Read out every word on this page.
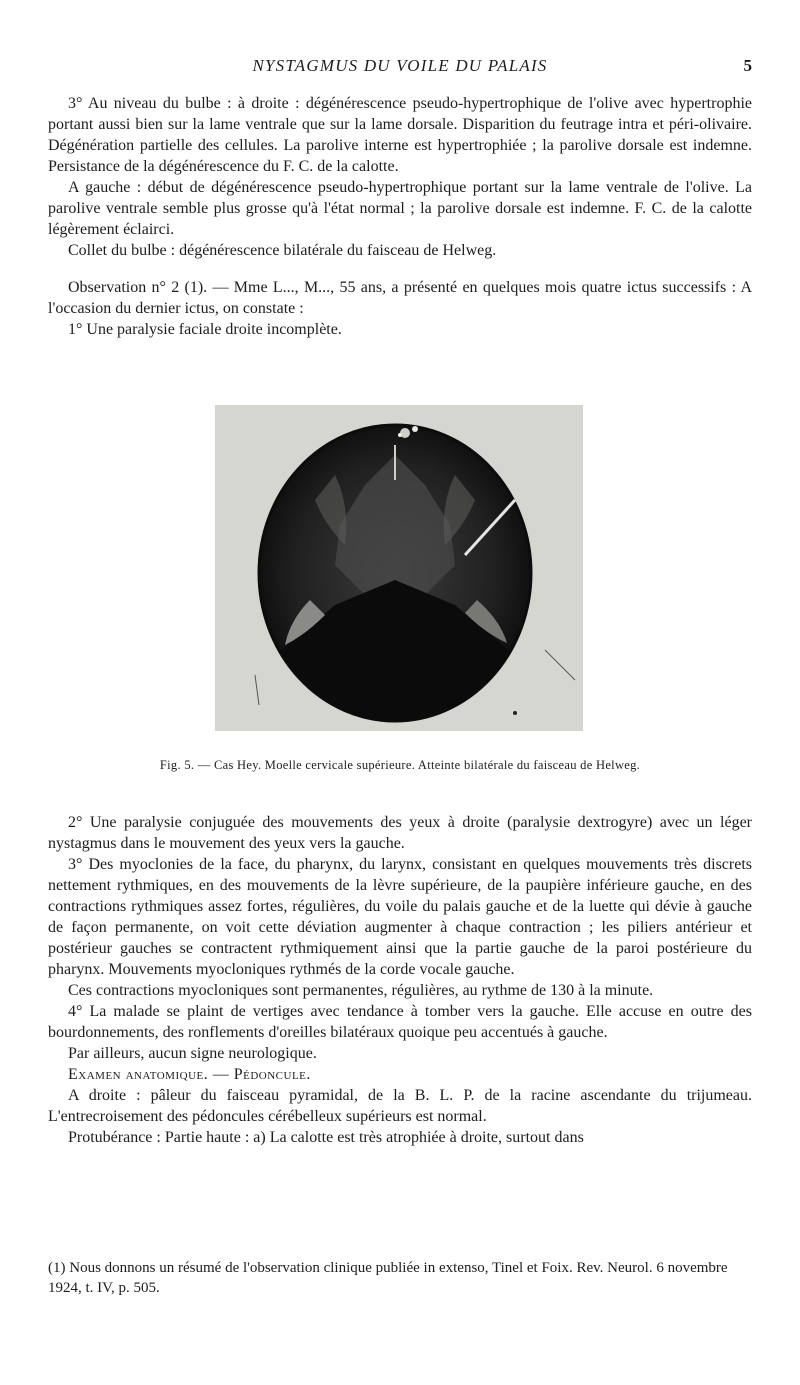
NYSTAGMUS DU VOILE DU PALAIS	5

3° Au niveau du bulbe : à droite : dégénérescence pseudo-hypertrophique de l'olive avec hypertrophie portant aussi bien sur la lame ventrale que sur la lame dorsale. Disparition du feutrage intra et péri-olivaire. Dégénération partielle des cellules. La parolive interne est hypertrophiée ; la parolive dorsale est indemne. Persistance de la dégénérescence du F. C. de la calotte.

A gauche : début de dégénérescence pseudo-hypertrophique portant sur la lame ventrale de l'olive. La parolive ventrale semble plus grosse qu'à l'état normal ; la parolive dorsale est indemne. F. C. de la calotte légèrement éclairci.

Collet du bulbe : dégénérescence bilatérale du faisceau de Helweg.

Observation n° 2 (1). — Mme L..., M..., 55 ans, a présenté en quelques mois quatre ictus successifs : A l'occasion du dernier ictus, on constate :

1° Une paralysie faciale droite incomplète.

Fig. 5. — Cas Hey. Moelle cervicale supérieure. Atteinte bilatérale du faisceau de Helweg.

2° Une paralysie conjuguée des mouvements des yeux à droite (paralysie dextrogyre) avec un léger nystagmus dans le mouvement des yeux vers la gauche.

3° Des myoclonies de la face, du pharynx, du larynx, consistant en quelques mouvements très discrets nettement rythmiques, en des mouvements de la lèvre supérieure, de la paupière inférieure gauche, en des contractions rythmiques assez fortes, régulières, du voile du palais gauche et de la luette qui dévie à gauche de façon permanente, on voit cette déviation augmenter à chaque contraction ; les piliers antérieur et postérieur gauches se contractent rythmiquement ainsi que la partie gauche de la paroi postérieure du pharynx. Mouvements myocloniques rythmés de la corde vocale gauche.

Ces contractions myocloniques sont permanentes, régulières, au rythme de 130 à la minute.

4° La malade se plaint de vertiges avec tendance à tomber vers la gauche. Elle accuse en outre des bourdonnements, des ronflements d'oreilles bilatéraux quoique peu accentués à gauche.

Par ailleurs, aucun signe neurologique.

Examen anatomique. — Pédoncule.

A droite : pâleur du faisceau pyramidal, de la B. L. P. de la racine ascendante du trijumeau. L'entrecroisement des pédoncules cérébelleux supérieurs est normal.

Protubérance : Partie haute : a) La calotte est très atrophiée à droite, surtout dans

(1) Nous donnons un résumé de l'observation clinique publiée in extenso, Tinel et Foix. Rev. Neurol. 6 novembre 1924, t. IV, p. 505.
